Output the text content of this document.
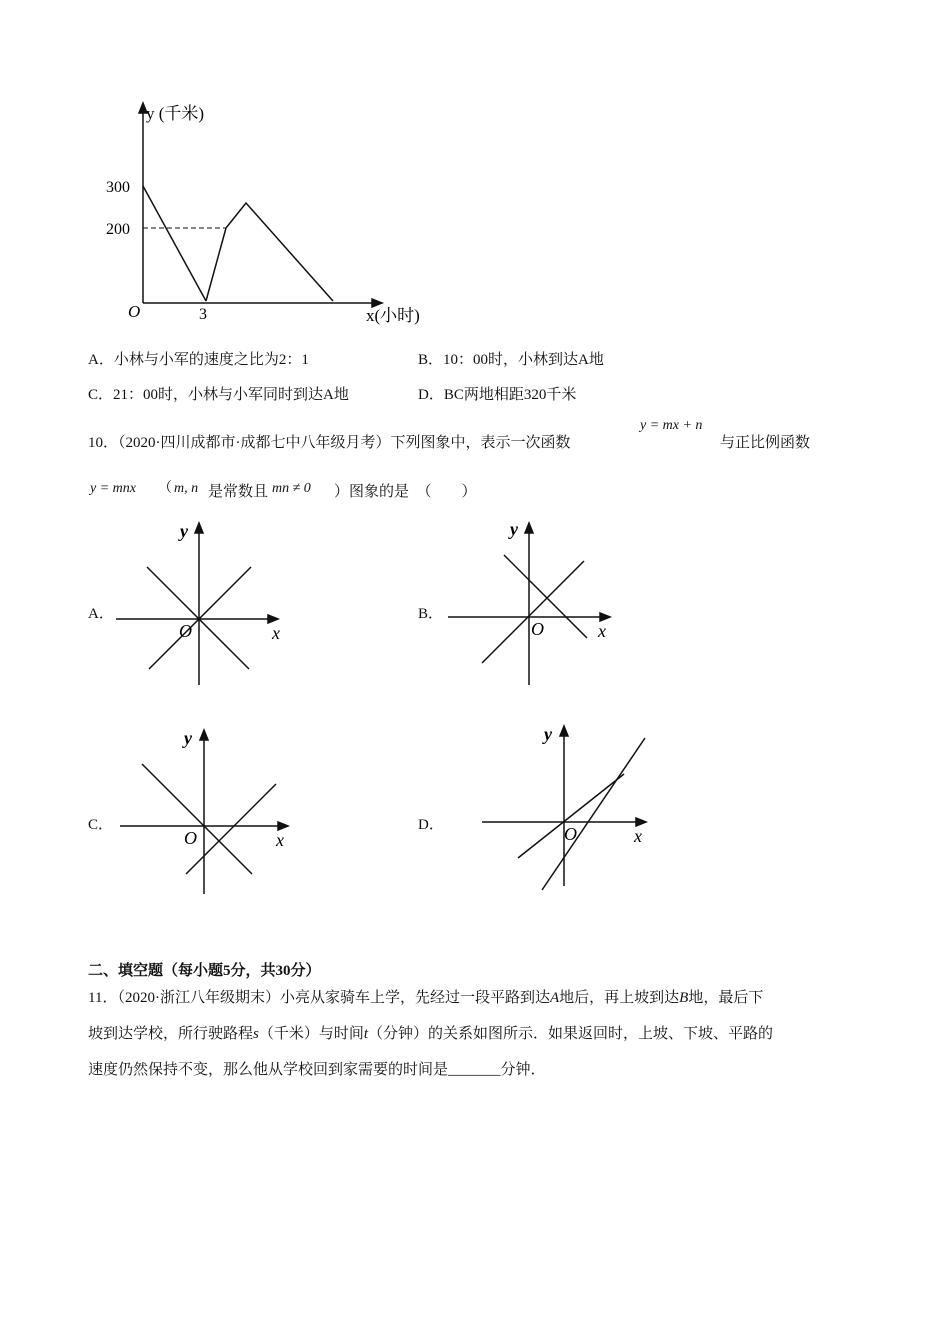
y (千米)
x(小时)
O
300
200
3
A．小林与小军的速度之比为2：1	B．10：00时，小林到达A地
C．21：00时，小林与小军同时到达A地	D．BC两地相距320千米
10．（2020·四川成都市·成都七中八年级月考）下列图象中，表示一次函数
y = mx + n
与正比例函数
y = mnx （ m, n 是常数且 mn ≠ 0 ）图象的是　（　　）
A．
y
x
O
B．
y
x
O
C．
y
x
O
D．
y
x
O
二、填空题（每小题5分，共30分）
11．（2020·浙江八年级期末）小亮从家骑车上学，先经过一段平路到达A地后，再上坡到达B地，最后下
坡到达学校，所行驶路程s（千米）与时间t（分钟）的关系如图所示．如果返回时，上坡、下坡、平路的
速度仍然保持不变，那么他从学校回到家需要的时间是_______分钟．
